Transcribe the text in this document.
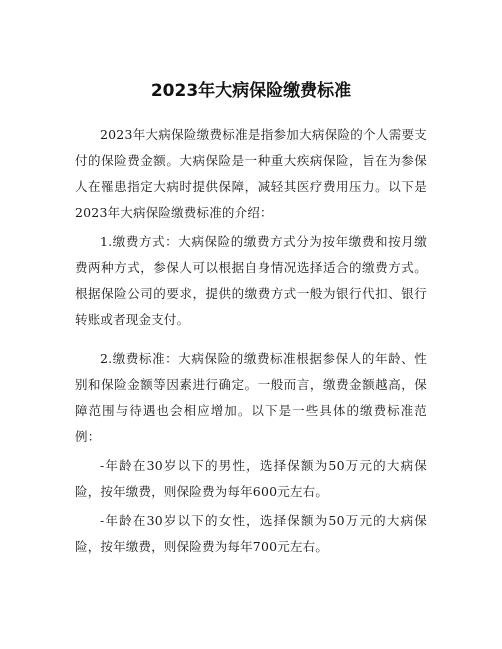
2023年大病保险缴费标准
2023年大病保险缴费标准是指参加大病保险的个人需要支付的保险费金额。大病保险是一种重大疾病保险，旨在为参保人在罹患指定大病时提供保障，减轻其医疗费用压力。以下是2023年大病保险缴费标准的介绍：
1.缴费方式：大病保险的缴费方式分为按年缴费和按月缴费两种方式，参保人可以根据自身情况选择适合的缴费方式。根据保险公司的要求，提供的缴费方式一般为银行代扣、银行转账或者现金支付。
2.缴费标准：大病保险的缴费标准根据参保人的年龄、性别和保险金额等因素进行确定。一般而言，缴费金额越高，保障范围与待遇也会相应增加。以下是一些具体的缴费标准范例：
-年龄在30岁以下的男性，选择保额为50万元的大病保险，按年缴费，则保险费为每年600元左右。
-年龄在30岁以下的女性，选择保额为50万元的大病保险，按年缴费，则保险费为每年700元左右。
